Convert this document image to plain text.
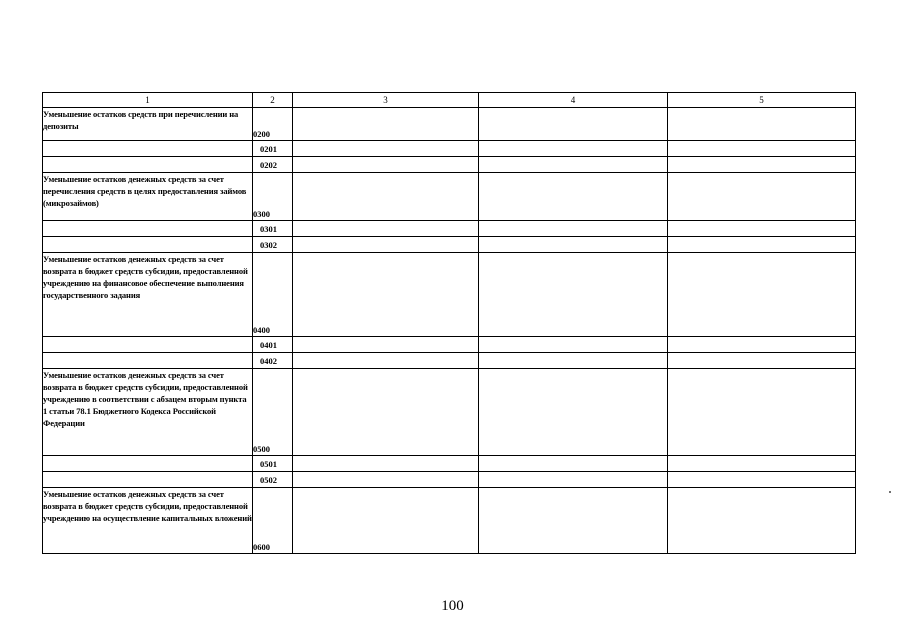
1	2	3	4	5
Уменьшение остатков средств при перечислении на депозиты	0200			
	0201			
	0202			
Уменьшение остатков денежных средств за счет перечисления средств в целях предоставления займов (микрозаймов)	0300			
	0301			
	0302			
Уменьшение остатков денежных средств за счет возврата в бюджет средств субсидии, предоставленной учреждению на финансовое обеспечение выполнения государственного задания	0400			
	0401			
	0402			
Уменьшение остатков денежных средств за счет возврата в бюджет средств субсидии, предоставленной учреждению в соответствии с абзацем вторым пункта 1 статьи 78.1 Бюджетного Кодекса Российской Федерации	0500			
	0501			
	0502			
Уменьшение остатков денежных средств за счет возврата в бюджет средств субсидии, предоставленной учреждению на осуществление капитальных вложений	0600			
100
